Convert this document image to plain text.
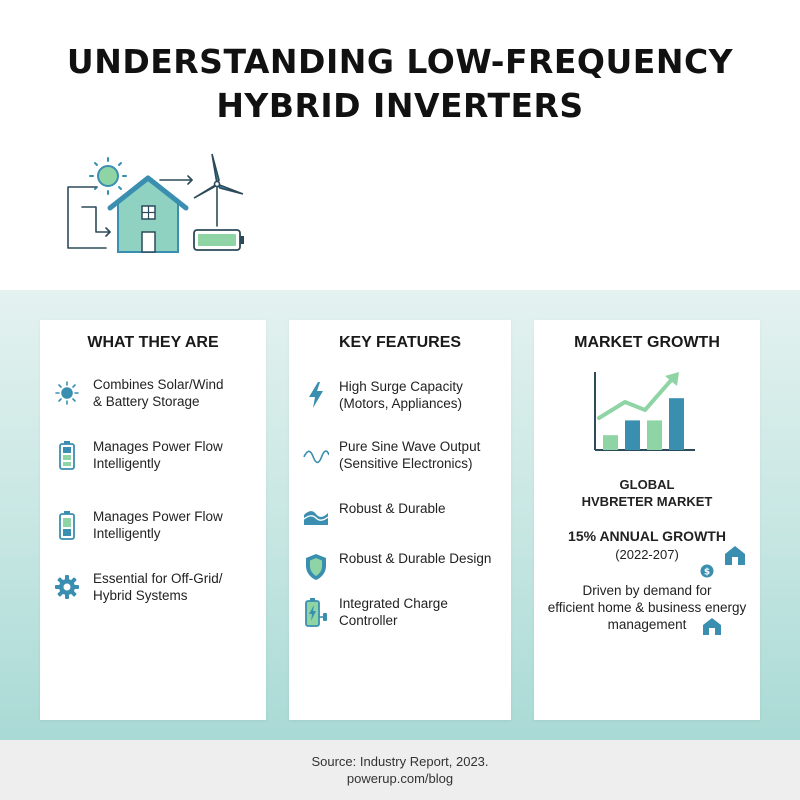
UNDERSTANDING LOW-FREQUENCY
HYBRID INVERTERS
WHAT THEY ARE
Combines Solar/Wind
& Battery Storage
Manages Power Flow
Intelligently
Manages Power Flow
Intelligently
Essential for Off-Grid/
Hybrid Systems
KEY FEATURES
High Surge Capacity
(Motors, Appliances)
Pure Sine Wave Output
(Sensitive Electronics)
Robust & Durable
Robust & Durable Design
Integrated Charge
Controller
MARKET GROWTH
GLOBAL
HVBRETER MARKET
15% ANNUAL GROWTH
(2022-207)
$
Driven by demand for
efficient home & business energy
management
Source: Industry Report, 2023.
powerup.com/blog
